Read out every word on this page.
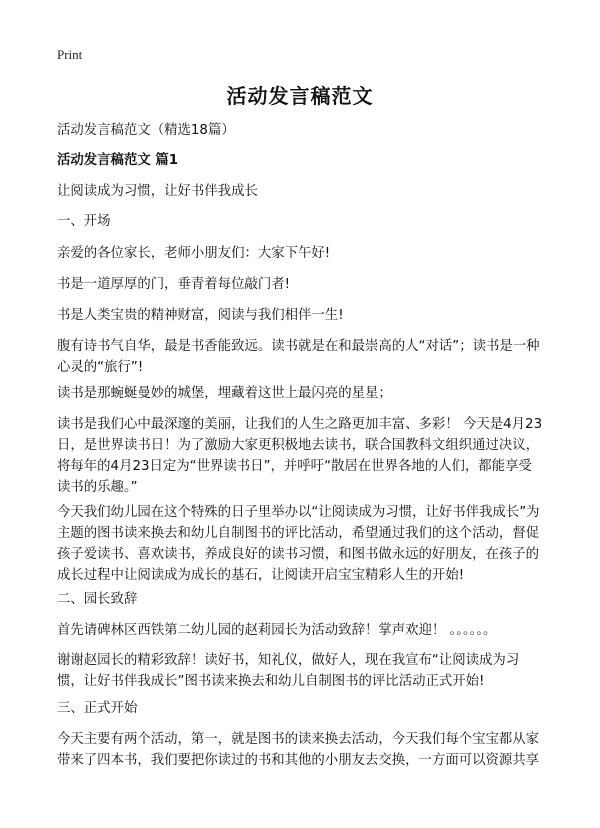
Print
活动发言稿范文

活动发言稿范文（精选18篇）

活动发言稿范文 篇1

让阅读成为习惯，让好书伴我成长

一、开场

亲爱的各位家长，老师小朋友们：大家下午好!

书是一道厚厚的门，垂青着每位敲门者!

书是人类宝贵的精神财富，阅读与我们相伴一生!

腹有诗书气自华，最是书香能致远。读书就是在和最崇高的人“对话”；读书是一种心灵的“旅行”!

读书是那蜿蜒曼妙的城堡，埋藏着这世上最闪亮的星星；

读书是我们心中最深邃的美丽，让我们的人生之路更加丰富、多彩！ 今天是4月23日，是世界读书日！为了激励大家更积极地去读书，联合国教科文组织通过决议，将每年的4月23日定为“世界读书日”，并呼吁“散居在世界各地的人们，都能享受读书的乐趣。”

今天我们幼儿园在这个特殊的日子里举办以“让阅读成为习惯，让好书伴我成长”为主题的图书读来换去和幼儿自制图书的评比活动，希望通过我们的这个活动，督促孩子爱读书、喜欢读书，养成良好的读书习惯，和图书做永远的好朋友，在孩子的成长过程中让阅读成为成长的基石，让阅读开启宝宝精彩人生的开始!

二、园长致辞

首先请碑林区西铁第二幼儿园的赵莉园长为活动致辞！掌声欢迎！ 。。。。。。

谢谢赵园长的精彩致辞！读好书，知礼仪，做好人，现在我宣布“让阅读成为习惯，让好书伴我成长”图书读来换去和幼儿自制图书的评比活动正式开始!

三、正式开始

今天主要有两个活动，第一，就是图书的读来换去活动，今天我们每个宝宝都从家带来了四本书，我们要把你读过的书和其他的小朋友去交换，一方面可以资源共享
